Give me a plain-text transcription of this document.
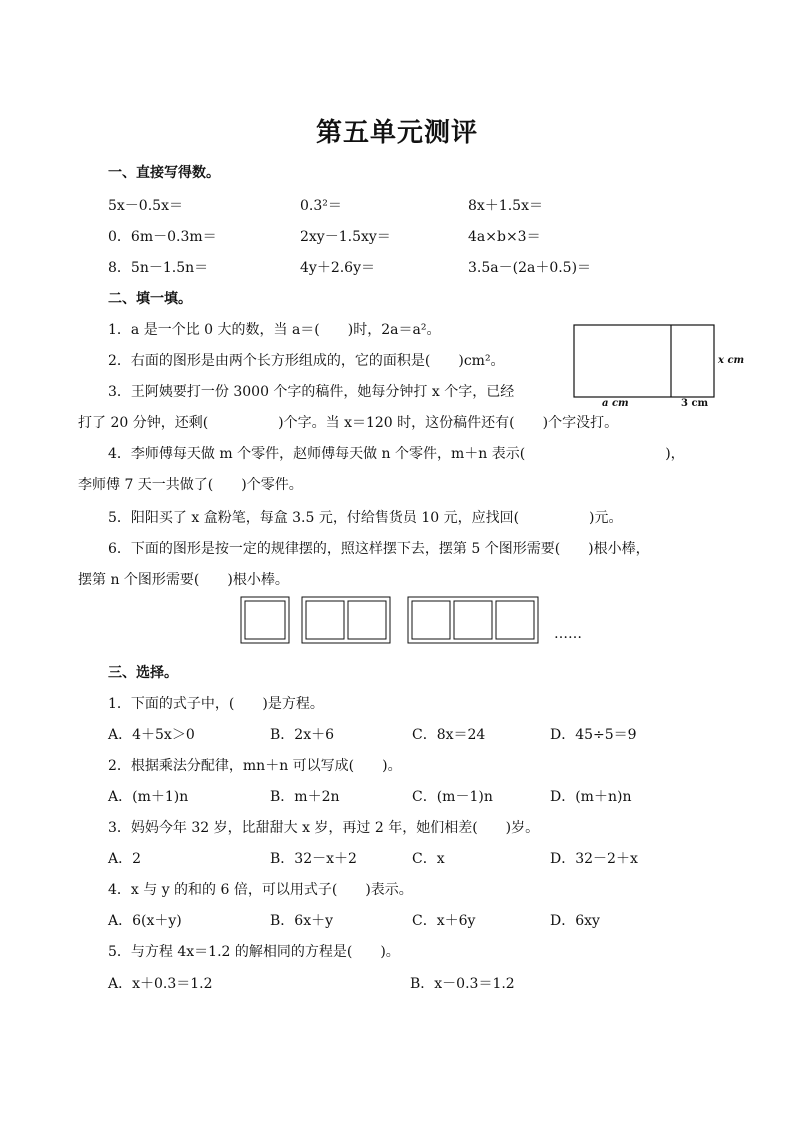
第五单元测评
一、直接写得数。
5x－0.5x＝	0.3²＝	8x＋1.5x＝
0．6m－0.3m＝	2xy－1.5xy＝	4a×b×3＝
8．5n－1.5n＝	4y＋2.6y＝	3.5a－(2a＋0.5)＝
二、填一填。
1．a 是一个比 0 大的数，当 a＝(　　)时，2a＝a²。
2．右面的图形是由两个长方形组成的，它的面积是(　　)cm²。
3．王阿姨要打一份 3000 个字的稿件，她每分钟打 x 个字，已经
打了 20 分钟，还剩(　　　　　)个字。当 x＝120 时，这份稿件还有(　　)个字没打。
4．李师傅每天做 m 个零件，赵师傅每天做 n 个零件，m＋n 表示(　　　　　　　　　　)，
李师傅 7 天一共做了(　　)个零件。
5．阳阳买了 x 盒粉笔，每盒 3.5 元，付给售货员 10 元，应找回(　　　　　)元。
6．下面的图形是按一定的规律摆的，照这样摆下去，摆第 5 个图形需要(　　)根小棒，
摆第 n 个图形需要(　　)根小棒。
a cm	3 cm
x cm
……
三、选择。
1．下面的式子中，(　　)是方程。
A．4＋5x＞0	B．2x＋6	C．8x＝24	D．45÷5＝9
2．根据乘法分配律，mn＋n 可以写成(　　)。
A．(m＋1)n	B．m＋2n	C．(m－1)n	D．(m＋n)n
3．妈妈今年 32 岁，比甜甜大 x 岁，再过 2 年，她们相差(　　)岁。
A．2	B．32－x＋2	C．x	D．32－2＋x
4．x 与 y 的和的 6 倍，可以用式子(　　)表示。
A．6(x＋y)	B．6x＋y	C．x＋6y	D．6xy
5．与方程 4x＝1.2 的解相同的方程是(　　)。
A．x＋0.3＝1.2	B．x－0.3＝1.2
